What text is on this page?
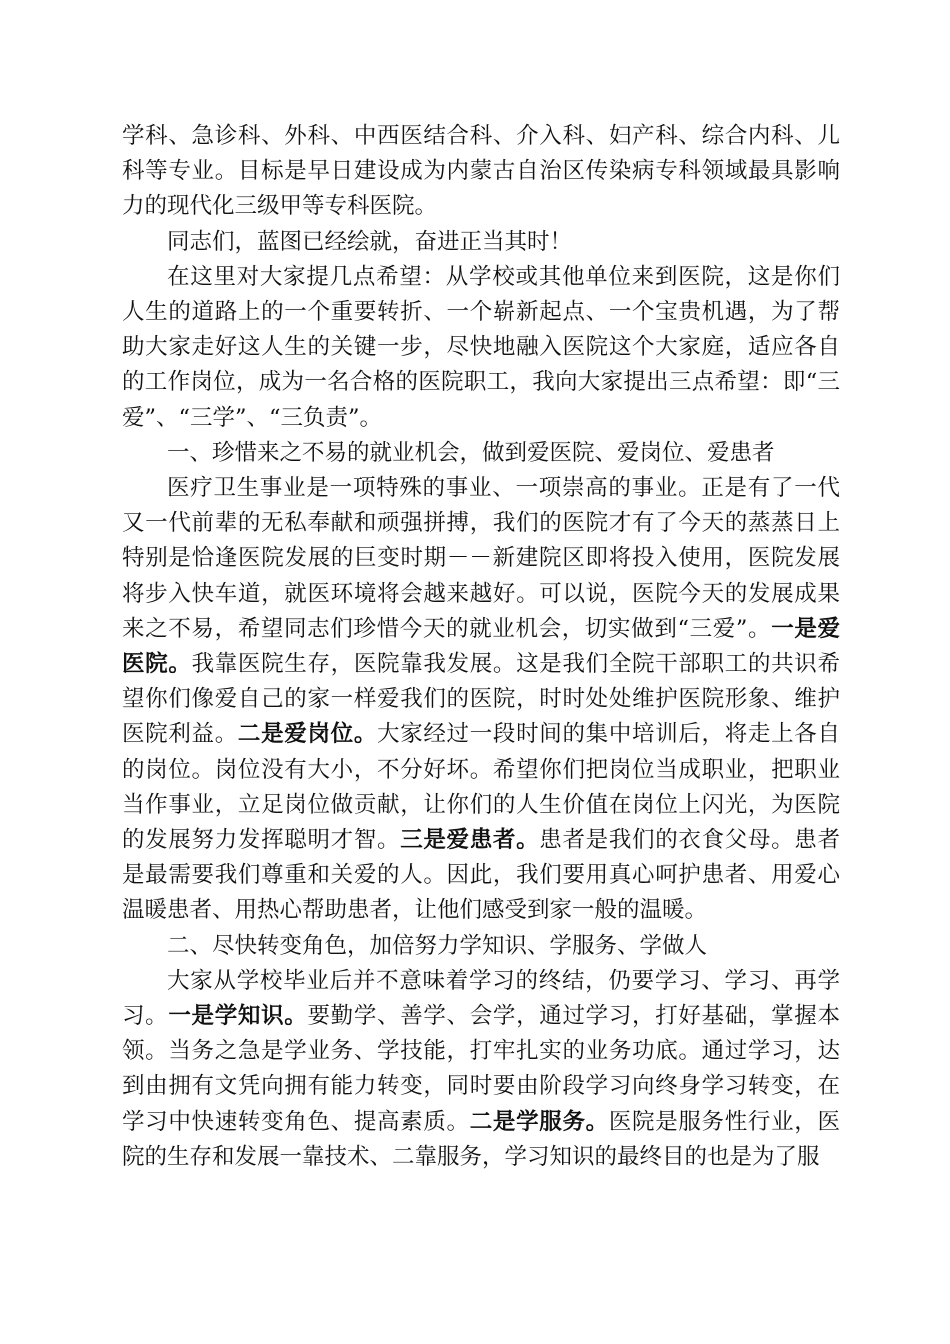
学科、急诊科、外科、中西医结合科、介入科、妇产科、综合内科、儿科等专业。目标是早日建设成为内蒙古自治区传染病专科领域最具影响力的现代化三级甲等专科医院。

同志们，蓝图已经绘就，奋进正当其时！

在这里对大家提几点希望：从学校或其他单位来到医院，这是你们人生的道路上的一个重要转折、一个崭新起点、一个宝贵机遇，为了帮助大家走好这人生的关键一步，尽快地融入医院这个大家庭，适应各自的工作岗位，成为一名合格的医院职工，我向大家提出三点希望：即“三爱”、“三学”、“三负责”。

一、珍惜来之不易的就业机会，做到爱医院、爱岗位、爱患者

医疗卫生事业是一项特殊的事业、一项崇高的事业。正是有了一代又一代前辈的无私奉献和顽强拼搏，我们的医院才有了今天的蒸蒸日上特别是恰逢医院发展的巨变时期－－新建院区即将投入使用，医院发展将步入快车道，就医环境将会越来越好。可以说，医院今天的发展成果来之不易，希望同志们珍惜今天的就业机会，切实做到“三爱”。一是爱医院。我靠医院生存，医院靠我发展。这是我们全院干部职工的共识希望你们像爱自己的家一样爱我们的医院，时时处处维护医院形象、维护医院利益。二是爱岗位。大家经过一段时间的集中培训后，将走上各自的岗位。岗位没有大小，不分好坏。希望你们把岗位当成职业，把职业当作事业，立足岗位做贡献，让你们的人生价值在岗位上闪光，为医院的发展努力发挥聪明才智。三是爱患者。患者是我们的衣食父母。患者是最需要我们尊重和关爱的人。因此，我们要用真心呵护患者、用爱心温暖患者、用热心帮助患者，让他们感受到家一般的温暖。

二、尽快转变角色，加倍努力学知识、学服务、学做人

大家从学校毕业后并不意味着学习的终结，仍要学习、学习、再学习。一是学知识。要勤学、善学、会学，通过学习，打好基础，掌握本领。当务之急是学业务、学技能，打牢扎实的业务功底。通过学习，达到由拥有文凭向拥有能力转变，同时要由阶段学习向终身学习转变，在学习中快速转变角色、提高素质。二是学服务。医院是服务性行业，医院的生存和发展一靠技术、二靠服务，学习知识的最终目的也是为了服
